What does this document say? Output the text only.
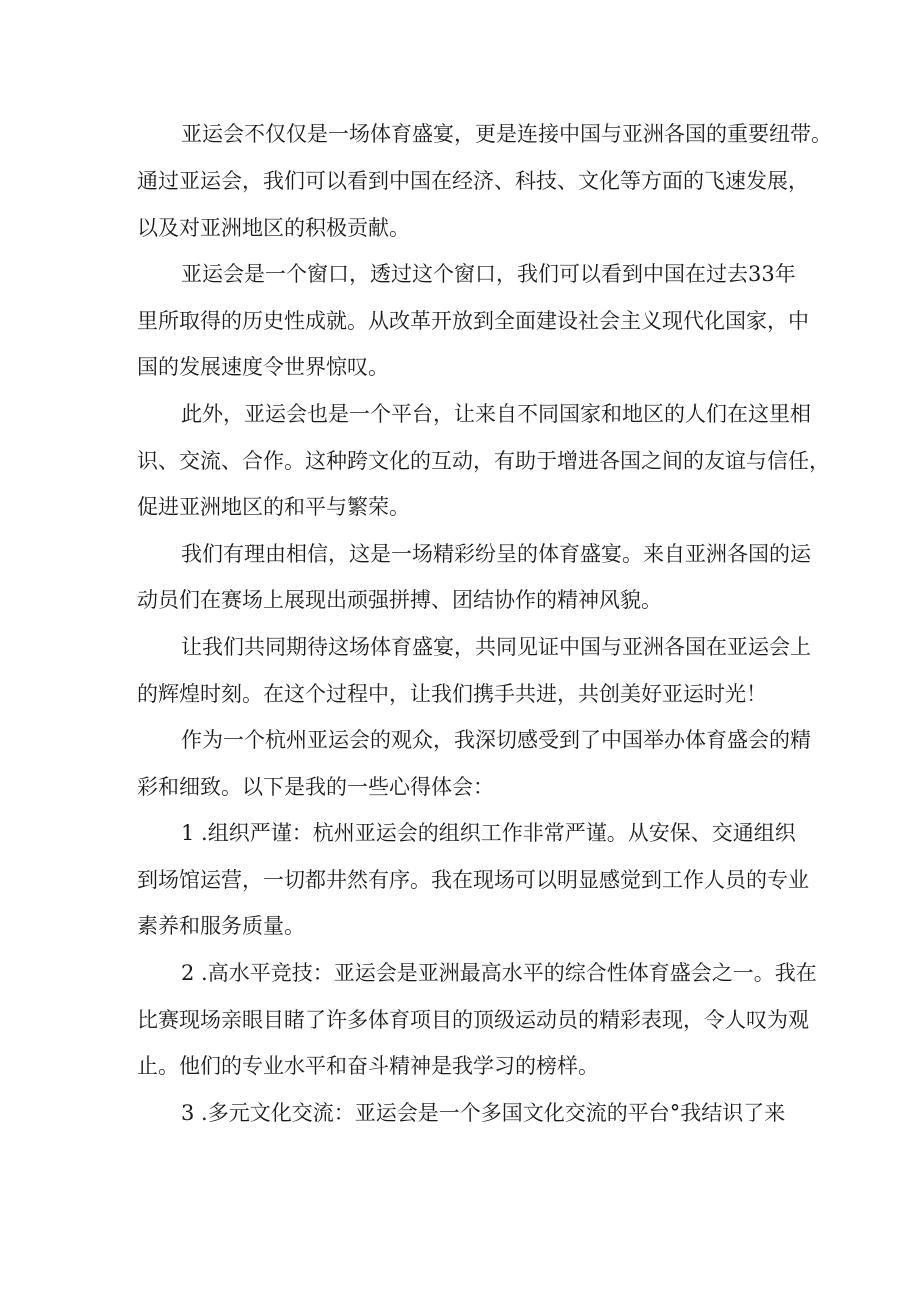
亚运会不仅仅是一场体育盛宴，更是连接中国与亚洲各国的重要纽带。
通过亚运会，我们可以看到中国在经济、科技、文化等方面的飞速发展，
以及对亚洲地区的积极贡献。
亚运会是一个窗口，透过这个窗口，我们可以看到中国在过去33年
里所取得的历史性成就。从改革开放到全面建设社会主义现代化国家，中
国的发展速度令世界惊叹。
此外，亚运会也是一个平台，让来自不同国家和地区的人们在这里相
识、交流、合作。这种跨文化的互动，有助于增进各国之间的友谊与信任，
促进亚洲地区的和平与繁荣。
我们有理由相信，这是一场精彩纷呈的体育盛宴。来自亚洲各国的运
动员们在赛场上展现出顽强拼搏、团结协作的精神风貌。
让我们共同期待这场体育盛宴，共同见证中国与亚洲各国在亚运会上
的辉煌时刻。在这个过程中，让我们携手共进，共创美好亚运时光！
作为一个杭州亚运会的观众，我深切感受到了中国举办体育盛会的精
彩和细致。以下是我的一些心得体会：
1 .组织严谨：杭州亚运会的组织工作非常严谨。从安保、交通组织
到场馆运营，一切都井然有序。我在现场可以明显感觉到工作人员的专业
素养和服务质量。
2 .高水平竞技：亚运会是亚洲最高水平的综合性体育盛会之一。我在
比赛现场亲眼目睹了许多体育项目的顶级运动员的精彩表现，令人叹为观
止。他们的专业水平和奋斗精神是我学习的榜样。
3 .多元文化交流：亚运会是一个多国文化交流的平台°我结识了来
